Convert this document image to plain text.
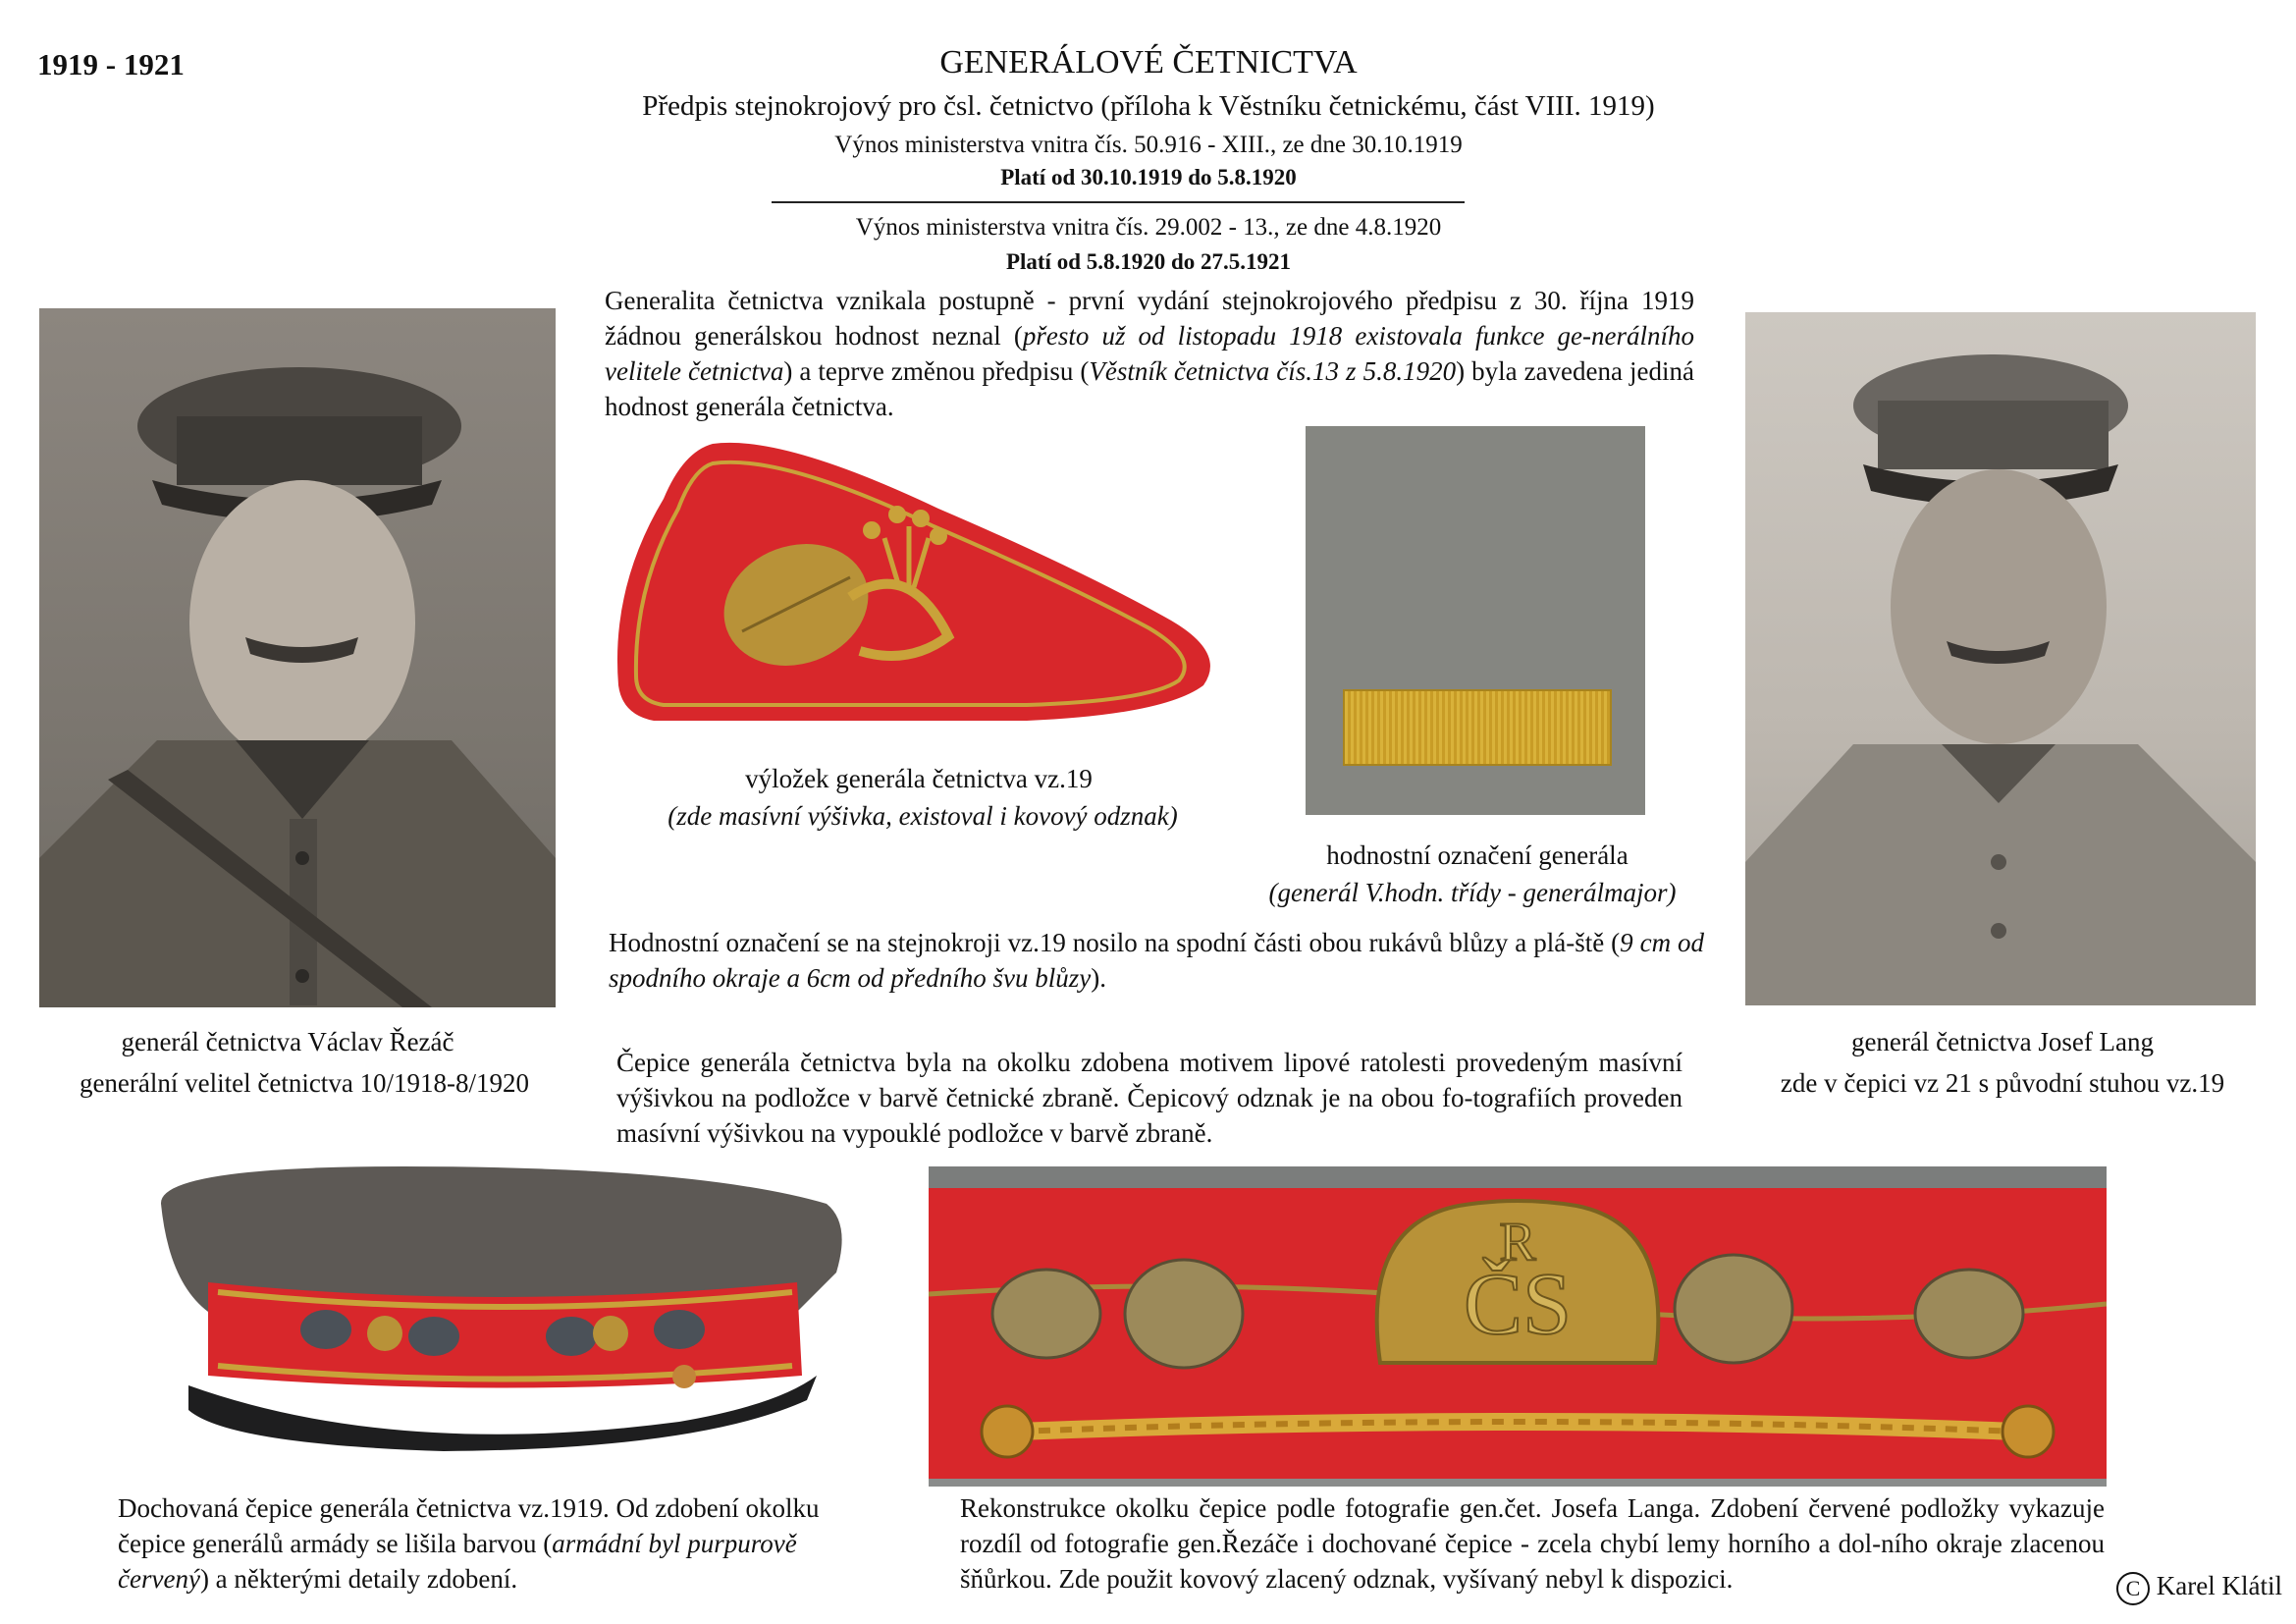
1919 - 1921	GENERÁLOVÉ ČETNICTVA
Předpis stejnokrojový pro čsl. četnictvo (příloha k Věstníku četnickému, část VIII. 1919)
Výnos ministerstva vnitra čís. 50.916 - XIII., ze dne 30.10.1919
Platí od 30.10.1919 do 5.8.1920
Výnos ministerstva vnitra čís. 29.002 - 13., ze dne 4.8.1920
Platí od 5.8.1920 do 27.5.1921
Generalita četnictva vznikala postupně - první vydání stejnokrojového předpisu z 30. října 1919 žádnou generálskou hodnost neznal (přesto už od listopadu 1918 existovala funkce ge-nerálního velitele četnictva) a teprve změnou předpisu (Věstník četnictva čís.13 z 5.8.1920) byla zavedena jediná hodnost generála četnictva.
generál četnictva Václav Řezáč
generální velitel četnictva 10/1918-8/1920
výložek generála četnictva vz.19
(zde masívní výšivka, existoval i kovový odznak)
hodnostní označení generála
(generál V.hodn. třídy - generálmajor)
Hodnostní označení se na stejnokroji vz.19 nosilo na spodní části obou rukávů blůzy a plá-ště (9 cm od spodního okraje a 6cm od předního švu blůzy).
Čepice generála četnictva byla na okolku zdobena motivem lipové ratolesti provedeným masívní výšivkou na podložce v barvě četnické zbraně. Čepicový odznak je na obou fo-tografiích proveden masívní výšivkou na vypouklé podložce v barvě zbraně.
generál četnictva Josef Lang
zde v čepici vz 21 s původní stuhou vz.19
Dochovaná čepice generála četnictva vz.1919. Od zdobení okolku čepice generálů armády se lišila barvou (armádní byl purpurově červený) a některými detaily zdobení.
ČS
R
Rekonstrukce okolku čepice podle fotografie gen.čet. Josefa Langa. Zdobení červené podložky vykazuje rozdíl od fotografie gen.Řezáče i dochované čepice - zcela chybí lemy horního a dol-ního okraje zlacenou šňůrkou. Zde použit kovový zlacený odznak, vyšívaný nebyl k dispozici.	C Karel Klátil
